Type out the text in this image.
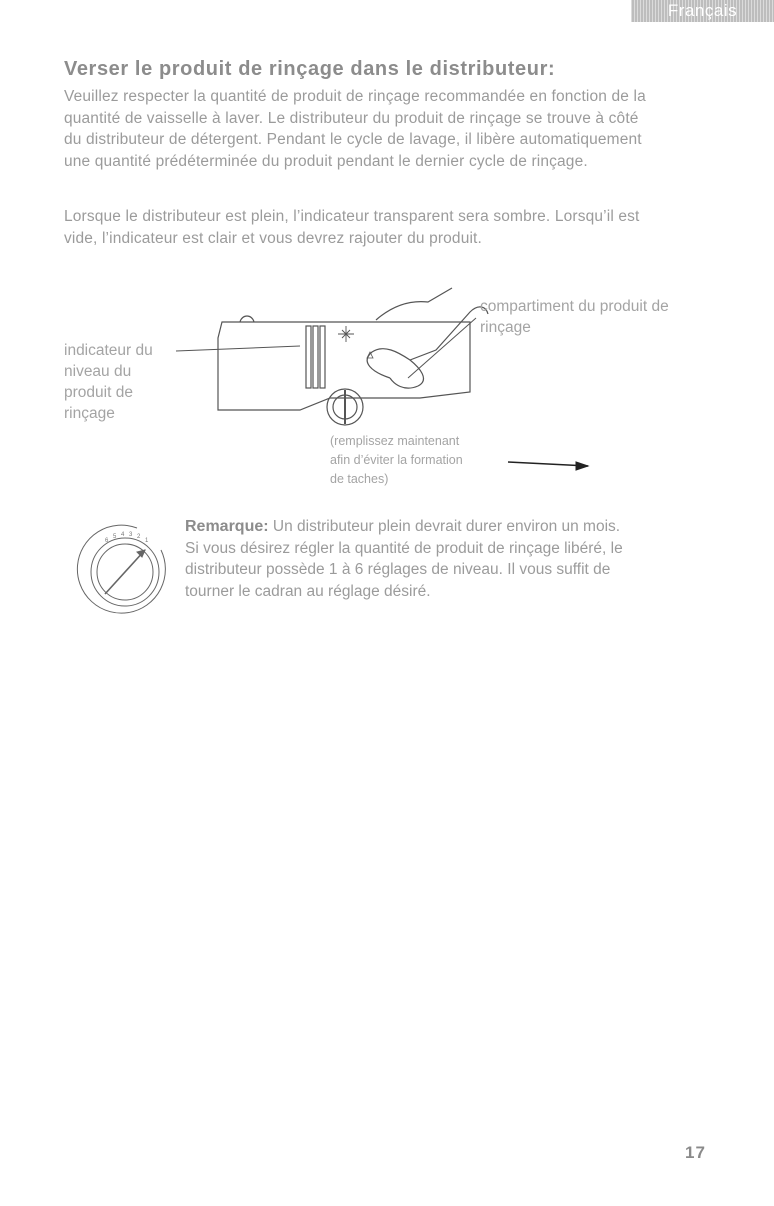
Français
Verser le produit de rinçage dans le distributeur:
Veuillez respecter la quantité de produit de rinçage recommandée en fonction de la
quantité de vaisselle à laver. Le distributeur du produit de rinçage se trouve à côté
du distributeur de détergent. Pendant le cycle de lavage, il libère automatiquement
une quantité prédéterminée du produit pendant le dernier cycle de rinçage.
Lorsque le distributeur est plein, l’indicateur transparent sera sombre. Lorsqu’il est
vide, l’indicateur est clair et vous devrez rajouter du produit.
indicateur du
niveau du
produit de
rinçage
compartiment du produit de
rinçage
(remplissez maintenant
afin d’éviter la formation
de taches)
6
5 4 3 2
1
Remarque: Un distributeur plein devrait durer environ un mois.
Si vous désirez régler la quantité de produit de rinçage libéré, le
distributeur possède 1 à 6 réglages de niveau. Il vous suffit de
tourner le cadran au réglage désiré.
17
